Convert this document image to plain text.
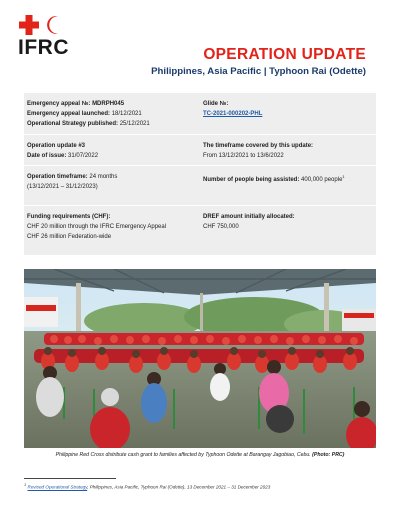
IFRC	OPERATION UPDATE
Philippines, Asia Pacific | Typhoon Rai (Odette)
Emergency appeal №: MDRPH045
Emergency appeal launched: 18/12/2021
Operational Strategy published: 25/12/2021
Glide №:
TC-2021-000202-PHL
Operation update #3
Date of issue: 31/07/2022
The timeframe covered by this update:
From 13/12/2021 to 13/6/2022
Operation timeframe: 24 months
(13/12/2021 – 31/12/2023)
Number of people being assisted: 400,000 people$^1$
Funding requirements (CHF):
CHF 20 million through the IFRC Emergency Appeal
CHF 26 million Federation-wide
DREF amount initially allocated:
CHF 750,000
Philippine Red Cross distribute cash grant to families affected by Typhoon Odette at Barangay Jagobiao, Cebu. (Photo: PRC)
$^1$ Revised Operational Strategy, Philippines, Asia Pacific, Typhoon Rai (Odette), 13 December 2021 – 31 December 2023
